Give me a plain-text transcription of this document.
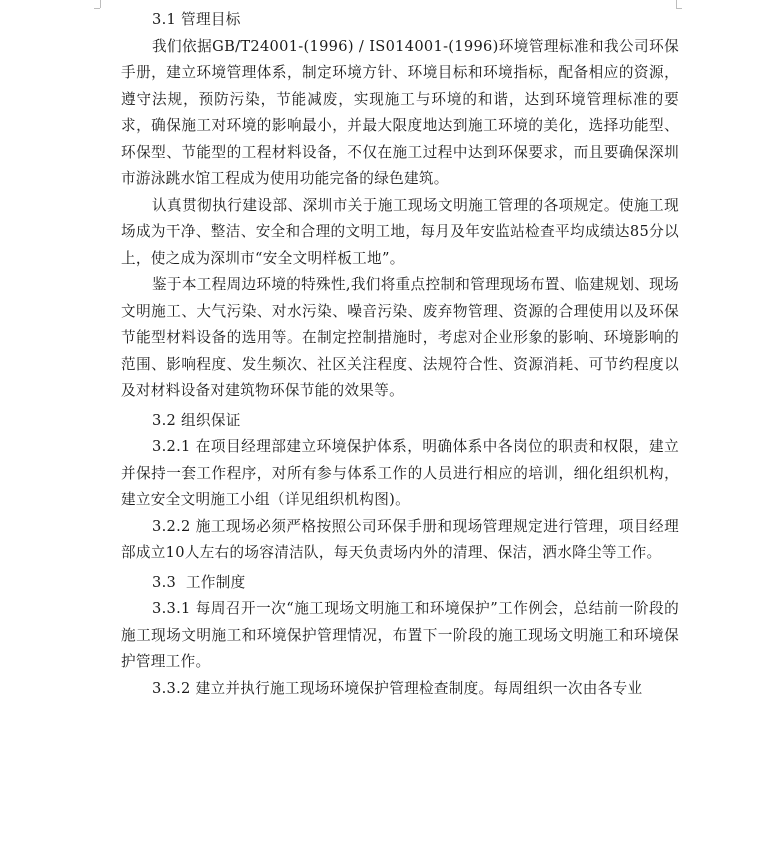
3.1 管理目标

我们依据GB/T24001-(1996) / IS014001-(1996)环境管理标准和我公司环保手册，建立环境管理体系，制定环境方针、环境目标和环境指标，配备相应的资源，遵守法规，预防污染，节能减废，实现施工与环境的和谐，达到环境管理标准的要求，确保施工对环境的影响最小，并最大限度地达到施工环境的美化，选择功能型、环保型、节能型的工程材料设备，不仅在施工过程中达到环保要求，而且要确保深圳市游泳跳水馆工程成为使用功能完备的绿色建筑。

认真贯彻执行建设部、深圳市关于施工现场文明施工管理的各项规定。使施工现场成为干净、整洁、安全和合理的文明工地，每月及年安监站检查平均成绩达85分以上，使之成为深圳市“安全文明样板工地”。

鉴于本工程周边环境的特殊性,我们将重点控制和管理现场布置、临建规划、现场文明施工、大气污染、对水污染、噪音污染、废弃物管理、资源的合理使用以及环保节能型材料设备的选用等。在制定控制措施时，考虑对企业形象的影响、环境影响的范围、影响程度、发生频次、社区关注程度、法规符合性、资源消耗、可节约程度以及对材料设备对建筑物环保节能的效果等。

3.2 组织保证

3.2.1 在项目经理部建立环境保护体系，明确体系中各岗位的职责和权限，建立并保持一套工作程序，对所有参与体系工作的人员进行相应的培训，细化组织机构，建立安全文明施工小组（详见组织机构图)。

3.2.2 施工现场必须严格按照公司环保手册和现场管理规定进行管理，项目经理部成立10人左右的场容清洁队，每天负责场内外的清理、保洁，洒水降尘等工作。

3.3  工作制度

3.3.1 每周召开一次“施工现场文明施工和环境保护”工作例会，总结前一阶段的施工现场文明施工和环境保护管理情况，布置下一阶段的施工现场文明施工和环境保护管理工作。

3.3.2 建立并执行施工现场环境保护管理检查制度。每周组织一次由各专业
